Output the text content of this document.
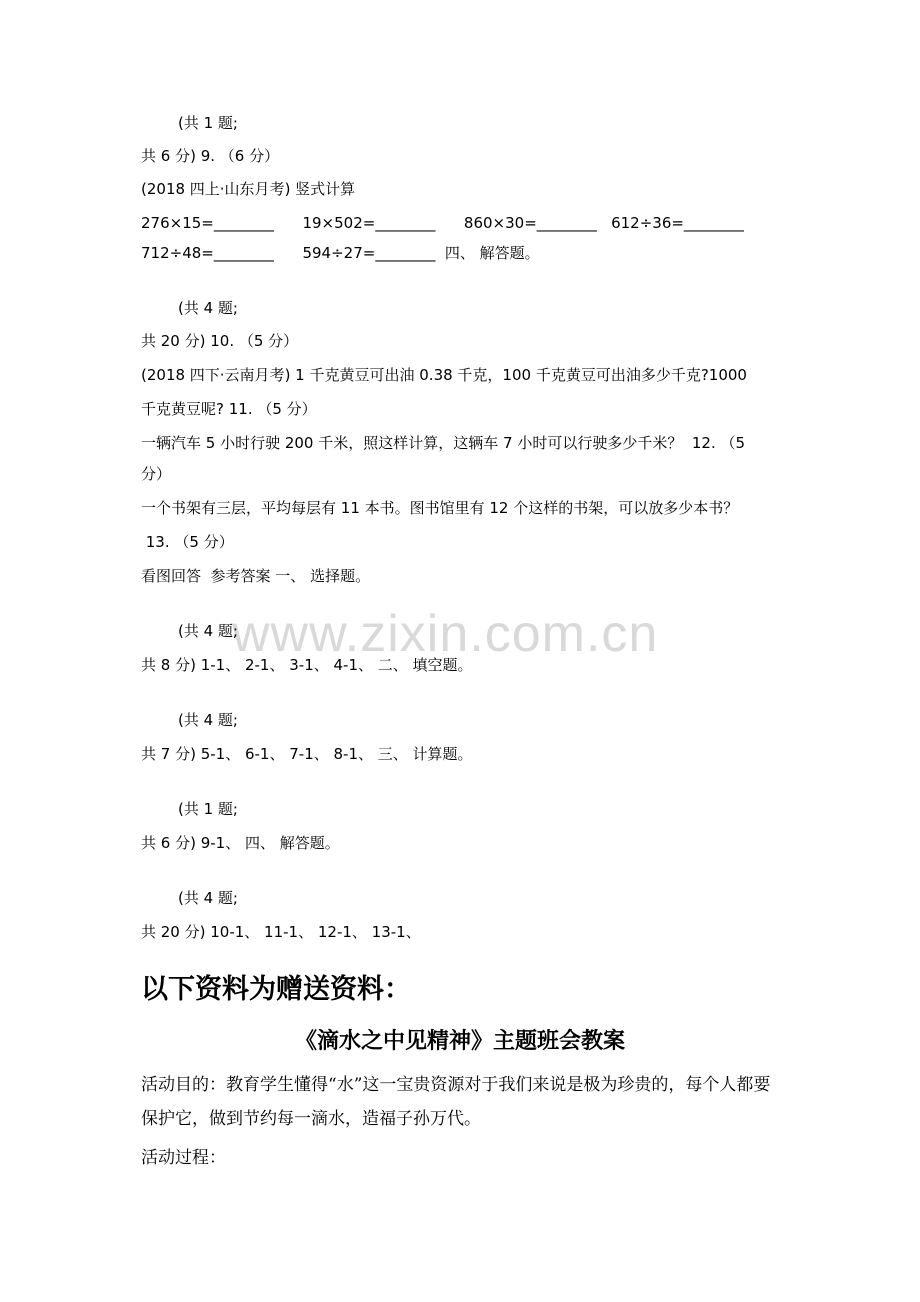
www.zixin.com.cn
(共 1 题;
共 6 分) 9. （6 分）
(2018 四上·山东月考) 竖式计算
276×15=________      19×502=________      860×30=________   612÷36=________
712÷48=________      594÷27=________  四、 解答题。
(共 4 题;
共 20 分) 10. （5 分）
(2018 四下·云南月考) 1 千克黄豆可出油 0.38 千克，100 千克黄豆可出油多少千克?1000
千克黄豆呢? 11. （5 分）
一辆汽车 5 小时行驶 200 千米，照这样计算，这辆车 7 小时可以行驶多少千米？  12. （5
分）
一个书架有三层，平均每层有 11 本书。图书馆里有 12 个这样的书架，可以放多少本书？
13. （5 分）
看图回答  参考答案 一、 选择题。
(共 4 题;
共 8 分) 1-1、 2-1、 3-1、 4-1、 二、 填空题。
(共 4 题;
共 7 分) 5-1、 6-1、 7-1、 8-1、 三、 计算题。
(共 1 题;
共 6 分) 9-1、 四、 解答题。
(共 4 题;
共 20 分) 10-1、 11-1、 12-1、 13-1、
以下资料为赠送资料：
《滴水之中见精神》主题班会教案
活动目的：教育学生懂得“水”这一宝贵资源对于我们来说是极为珍贵的，每个人都要保护它，做到节约每一滴水，造福子孙万代。
活动过程：
